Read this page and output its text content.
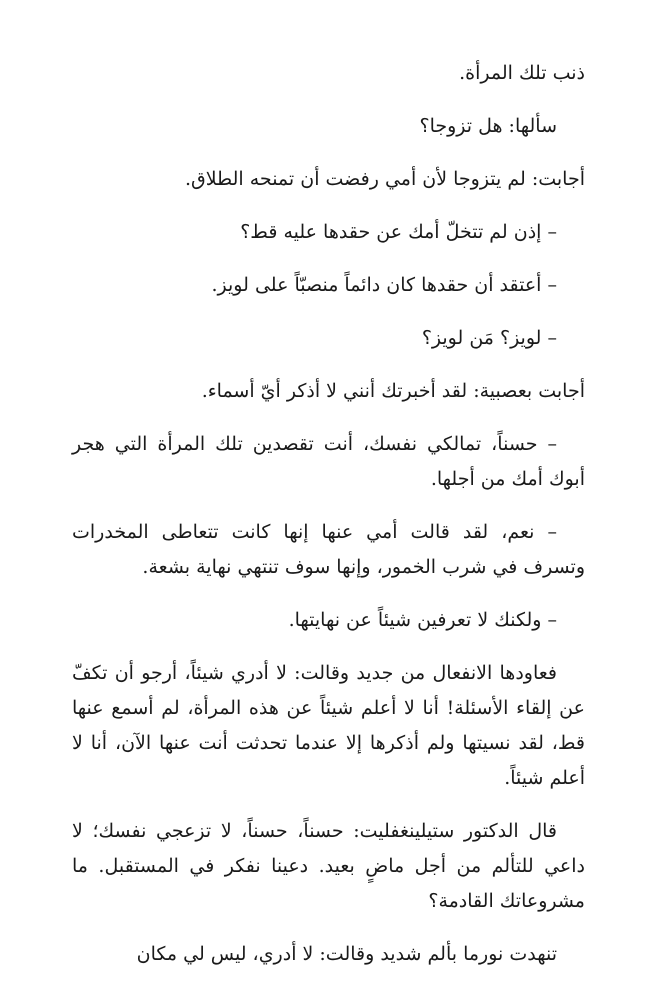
ذنب تلك المرأة.

سألها: هل تزوجا؟

أجابت: لم يتزوجا لأن أمي رفضت أن تمنحه الطلاق.

– إذن لم تتخلّ أمك عن حقدها عليه قط؟

– أعتقد أن حقدها كان دائماً منصبّاً على لويز.

– لويز؟ مَن لويز؟

أجابت بعصبية: لقد أخبرتك أنني لا أذكر أيّ أسماء.

– حسناً، تمالكي نفسك، أنت تقصدين تلك المرأة التي هجر أبوك أمك من أجلها.

– نعم، لقد قالت أمي عنها إنها كانت تتعاطى المخدرات وتسرف في شرب الخمور، وإنها سوف تنتهي نهاية بشعة.

– ولكنك لا تعرفين شيئاً عن نهايتها.

فعاودها الانفعال من جديد وقالت: لا أدري شيئاً، أرجو أن تكفّ عن إلقاء الأسئلة! أنا لا أعلم شيئاً عن هذه المرأة، لم أسمع عنها قط، لقد نسيتها ولم أذكرها إلا عندما تحدثت أنت عنها الآن، أنا لا أعلم شيئاً.

قال الدكتور ستيلينغفليت: حسناً، حسناً، لا تزعجي نفسك؛ لا داعي للتألم من أجل ماضٍ بعيد. دعينا نفكر في المستقبل. ما مشروعاتك القادمة؟

تنهدت نورما بألم شديد وقالت: لا أدري، ليس لي مكان
